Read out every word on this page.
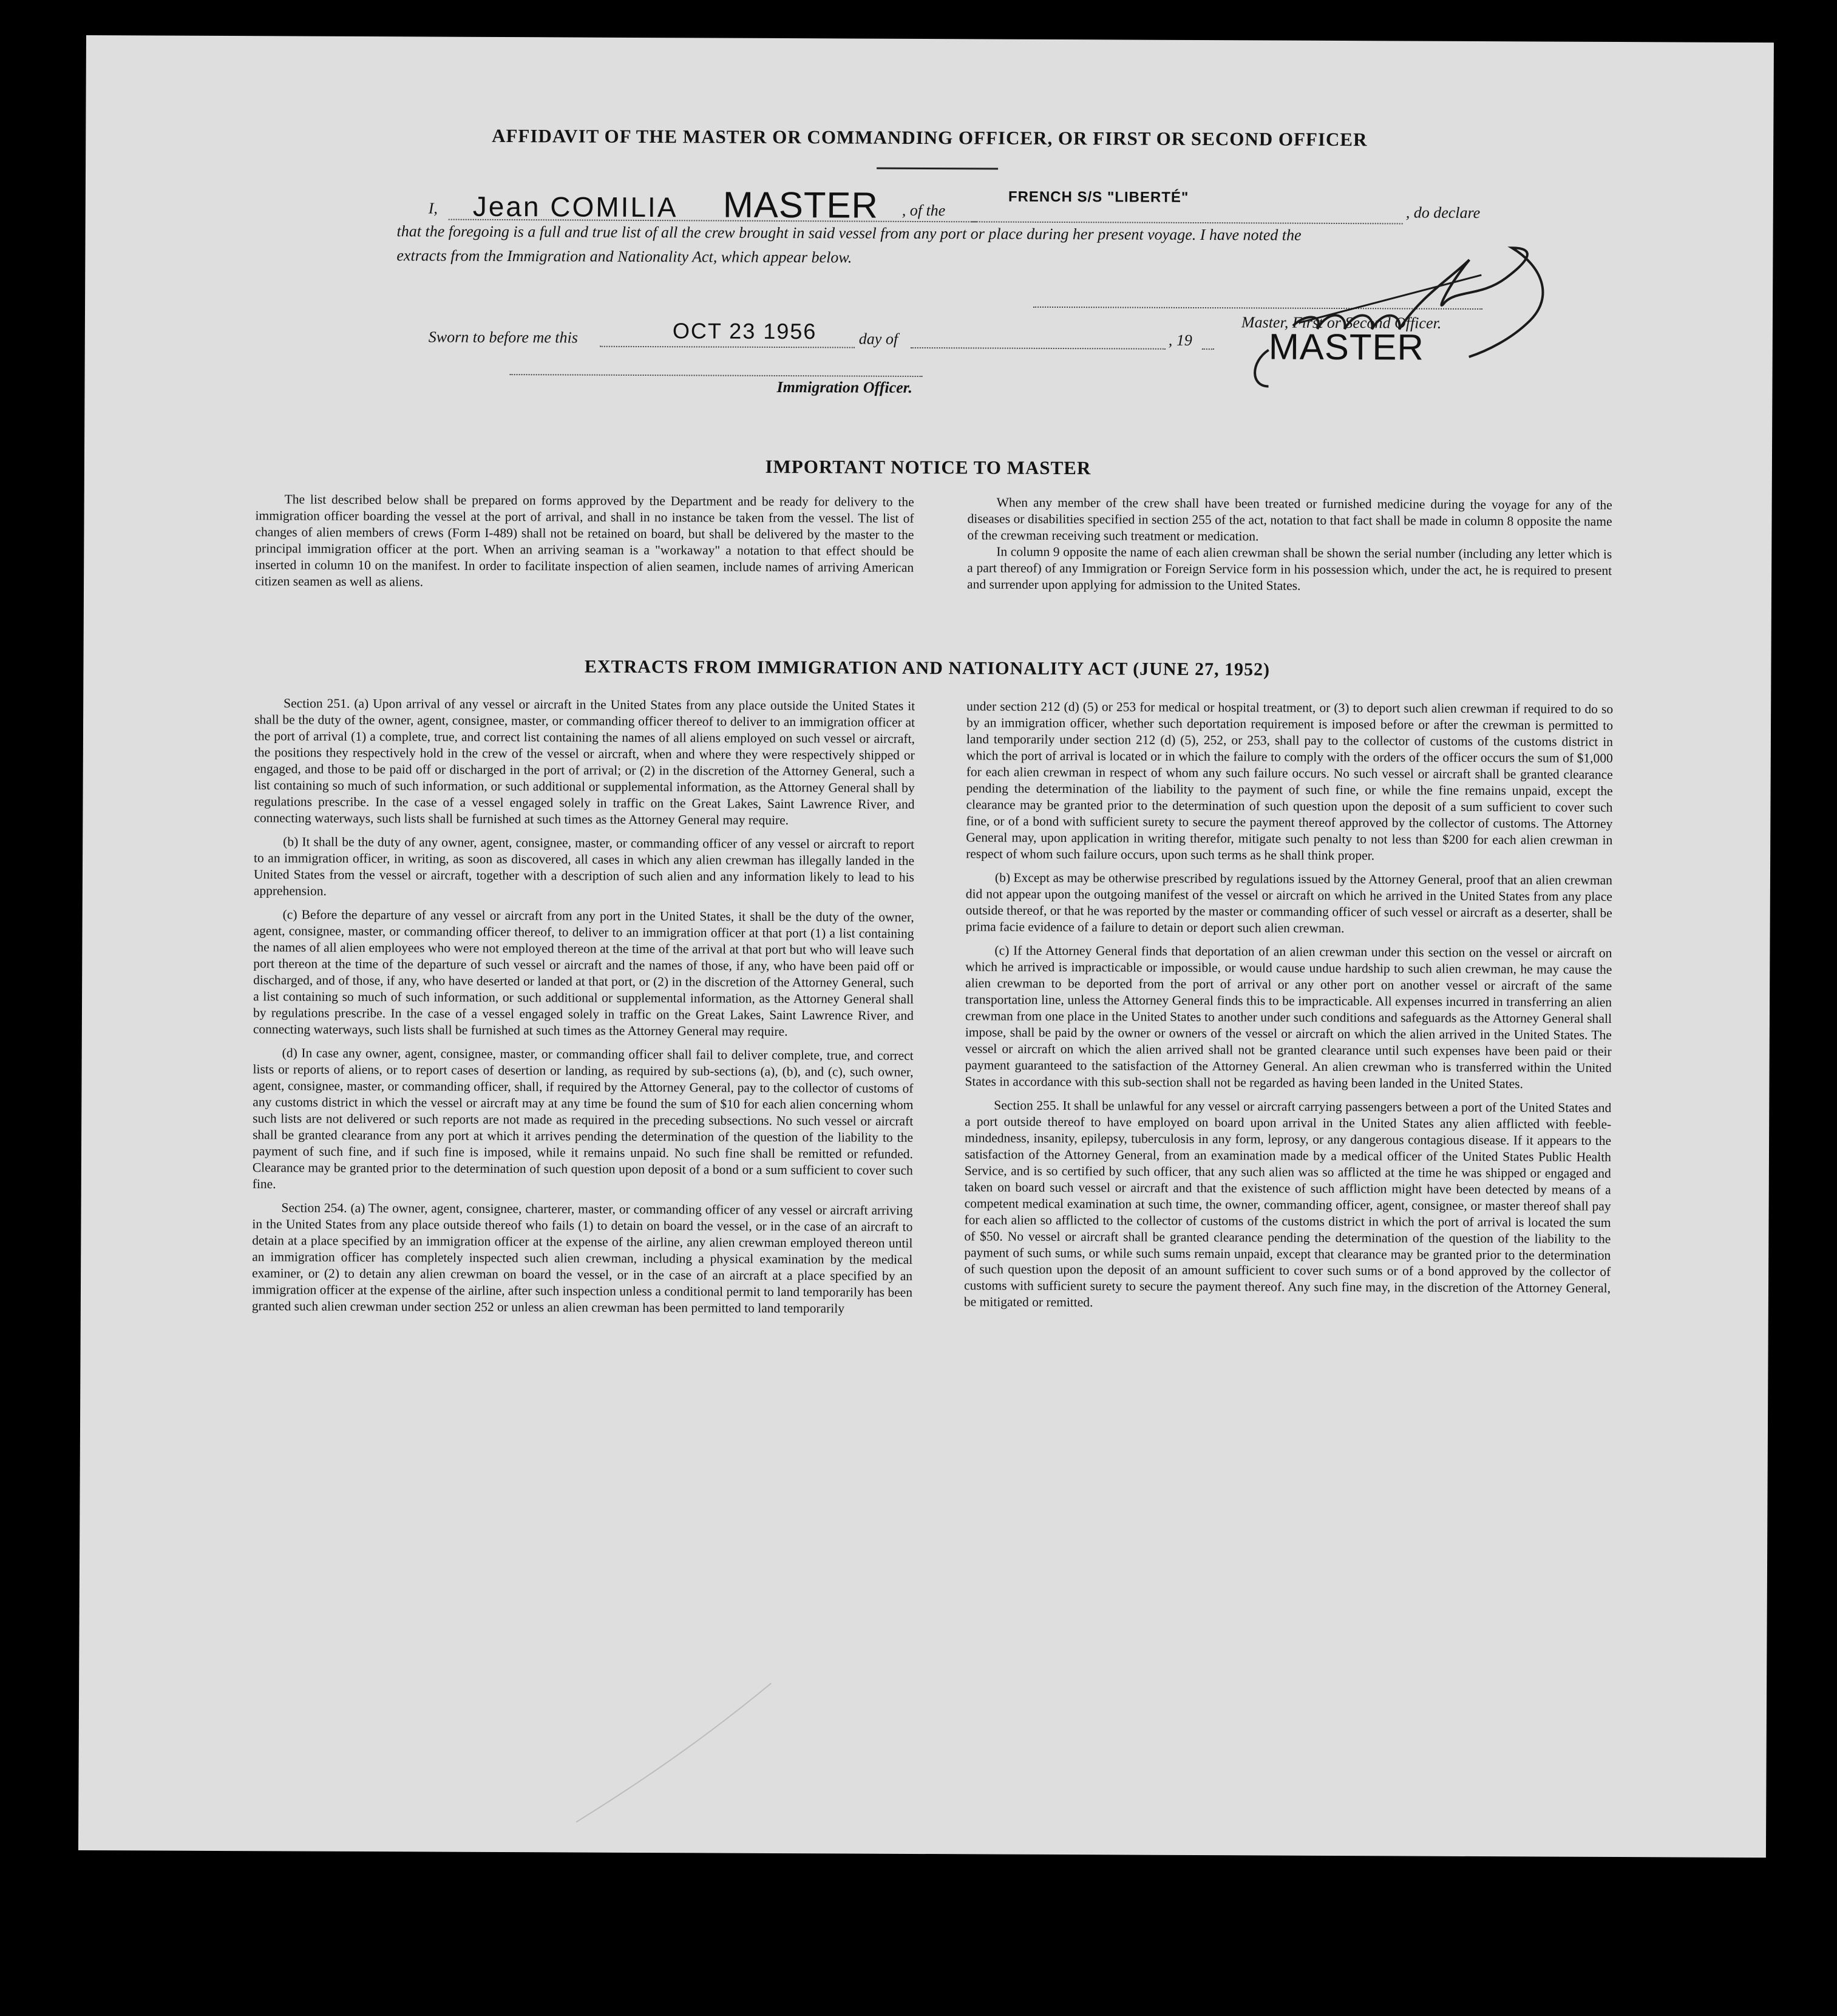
AFFIDAVIT OF THE MASTER OR COMMANDING OFFICER, OR FIRST OR SECOND OFFICER
I, Jean COMILIA MASTER , of the
FRENCH S/S "LIBERTÉ"
, do declare
that the foregoing is a full and true list of all the crew brought in said vessel from any port or place during her present voyage. I have noted the
extracts from the Immigration and Nationality Act, which appear below.
Master, First or Second Officer.
Sworn to before me this	OCT 23 1956	day of	, 19 MASTER
Immigration Officer.
IMPORTANT NOTICE TO MASTER

The list described below shall be prepared on forms approved by the Department and be ready for delivery to the immigration officer boarding the vessel at the port of arrival, and shall in no instance be taken from the vessel. The list of changes of alien members of crews (Form I-489) shall not be retained on board, but shall be delivered by the master to the principal immigration officer at the port. When an arriving seaman is a "workaway" a notation to that effect should be inserted in column 10 on the manifest. In order to facilitate inspection of alien seamen, include names of arriving American citizen seamen as well as aliens.

When any member of the crew shall have been treated or furnished medicine during the voyage for any of the diseases or disabilities specified in section 255 of the act, notation to that fact shall be made in column 8 opposite the name of the crewman receiving such treatment or medication.

In column 9 opposite the name of each alien crewman shall be shown the serial number (including any letter which is a part thereof) of any Immigration or Foreign Service form in his possession which, under the act, he is required to present and surrender upon applying for admission to the United States.

EXTRACTS FROM IMMIGRATION AND NATIONALITY ACT (JUNE 27, 1952)

Section 251. (a) Upon arrival of any vessel or aircraft in the United States from any place outside the United States it shall be the duty of the owner, agent, consignee, master, or commanding officer thereof to deliver to an immigration officer at the port of arrival (1) a complete, true, and correct list containing the names of all aliens employed on such vessel or aircraft, the positions they respectively hold in the crew of the vessel or aircraft, when and where they were respectively shipped or engaged, and those to be paid off or discharged in the port of arrival; or (2) in the discretion of the Attorney General, such a list containing so much of such information, or such additional or supplemental information, as the Attorney General shall by regulations prescribe. In the case of a vessel engaged solely in traffic on the Great Lakes, Saint Lawrence River, and connecting waterways, such lists shall be furnished at such times as the Attorney General may require.

(b) It shall be the duty of any owner, agent, consignee, master, or commanding officer of any vessel or aircraft to report to an immigration officer, in writing, as soon as discovered, all cases in which any alien crewman has illegally landed in the United States from the vessel or aircraft, together with a description of such alien and any information likely to lead to his apprehension.

(c) Before the departure of any vessel or aircraft from any port in the United States, it shall be the duty of the owner, agent, consignee, master, or commanding officer thereof, to deliver to an immigration officer at that port (1) a list containing the names of all alien employees who were not employed thereon at the time of the arrival at that port but who will leave such port thereon at the time of the departure of such vessel or aircraft and the names of those, if any, who have been paid off or discharged, and of those, if any, who have deserted or landed at that port, or (2) in the discretion of the Attorney General, such a list containing so much of such information, or such additional or supplemental information, as the Attorney General shall by regulations prescribe. In the case of a vessel engaged solely in traffic on the Great Lakes, Saint Lawrence River, and connecting waterways, such lists shall be furnished at such times as the Attorney General may require.

(d) In case any owner, agent, consignee, master, or commanding officer shall fail to deliver complete, true, and correct lists or reports of aliens, or to report cases of desertion or landing, as required by sub-sections (a), (b), and (c), such owner, agent, consignee, master, or commanding officer, shall, if required by the Attorney General, pay to the collector of customs of any customs district in which the vessel or aircraft may at any time be found the sum of $10 for each alien concerning whom such lists are not delivered or such reports are not made as required in the preceding subsections. No such vessel or aircraft shall be granted clearance from any port at which it arrives pending the determination of the question of the liability to the payment of such fine, and if such fine is imposed, while it remains unpaid. No such fine shall be remitted or refunded. Clearance may be granted prior to the determination of such question upon deposit of a bond or a sum sufficient to cover such fine.

Section 254. (a) The owner, agent, consignee, charterer, master, or commanding officer of any vessel or aircraft arriving in the United States from any place outside thereof who fails (1) to detain on board the vessel, or in the case of an aircraft to detain at a place specified by an immigration officer at the expense of the airline, any alien crewman employed thereon until an immigration officer has completely inspected such alien crewman, including a physical examination by the medical examiner, or (2) to detain any alien crewman on board the vessel, or in the case of an aircraft at a place specified by an immigration officer at the expense of the airline, after such inspection unless a conditional permit to land temporarily has been granted such alien crewman under section 252 or unless an alien crewman has been permitted to land temporarily

under section 212 (d) (5) or 253 for medical or hospital treatment, or (3) to deport such alien crewman if required to do so by an immigration officer, whether such deportation requirement is imposed before or after the crewman is permitted to land temporarily under section 212 (d) (5), 252, or 253, shall pay to the collector of customs of the customs district in which the port of arrival is located or in which the failure to comply with the orders of the officer occurs the sum of $1,000 for each alien crewman in respect of whom any such failure occurs. No such vessel or aircraft shall be granted clearance pending the determination of the liability to the payment of such fine, or while the fine remains unpaid, except the clearance may be granted prior to the determination of such question upon the deposit of a sum sufficient to cover such fine, or of a bond with sufficient surety to secure the payment thereof approved by the collector of customs. The Attorney General may, upon application in writing therefor, mitigate such penalty to not less than $200 for each alien crewman in respect of whom such failure occurs, upon such terms as he shall think proper.

(b) Except as may be otherwise prescribed by regulations issued by the Attorney General, proof that an alien crewman did not appear upon the outgoing manifest of the vessel or aircraft on which he arrived in the United States from any place outside thereof, or that he was reported by the master or commanding officer of such vessel or aircraft as a deserter, shall be prima facie evidence of a failure to detain or deport such alien crewman.

(c) If the Attorney General finds that deportation of an alien crewman under this section on the vessel or aircraft on which he arrived is impracticable or impossible, or would cause undue hardship to such alien crewman, he may cause the alien crewman to be deported from the port of arrival or any other port on another vessel or aircraft of the same transportation line, unless the Attorney General finds this to be impracticable. All expenses incurred in transferring an alien crewman from one place in the United States to another under such conditions and safeguards as the Attorney General shall impose, shall be paid by the owner or owners of the vessel or aircraft on which the alien arrived in the United States. The vessel or aircraft on which the alien arrived shall not be granted clearance until such expenses have been paid or their payment guaranteed to the satisfaction of the Attorney General. An alien crewman who is transferred within the United States in accordance with this sub-section shall not be regarded as having been landed in the United States.

Section 255. It shall be unlawful for any vessel or aircraft carrying passengers between a port of the United States and a port outside thereof to have employed on board upon arrival in the United States any alien afflicted with feeble-mindedness, insanity, epilepsy, tuberculosis in any form, leprosy, or any dangerous contagious disease. If it appears to the satisfaction of the Attorney General, from an examination made by a medical officer of the United States Public Health Service, and is so certified by such officer, that any such alien was so afflicted at the time he was shipped or engaged and taken on board such vessel or aircraft and that the existence of such affliction might have been detected by means of a competent medical examination at such time, the owner, commanding officer, agent, consignee, or master thereof shall pay for each alien so afflicted to the collector of customs of the customs district in which the port of arrival is located the sum of $50. No vessel or aircraft shall be granted clearance pending the determination of the question of the liability to the payment of such sums, or while such sums remain unpaid, except that clearance may be granted prior to the determination of such question upon the deposit of an amount sufficient to cover such sums or of a bond approved by the collector of customs with sufficient surety to secure the payment thereof. Any such fine may, in the discretion of the Attorney General, be mitigated or remitted.
